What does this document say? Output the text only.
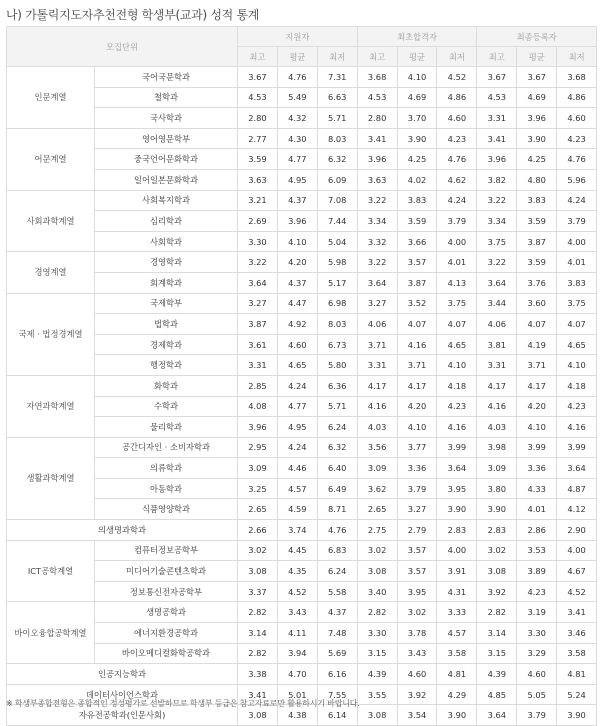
나) 가톨릭지도자추천전형 학생부(교과) 성적 통계
모집단위		지원자			최초합격자			최종등록자		
		최고	평균	최저	최고	평균	최저	최고	평균	최저
인문계열	국어국문학과	3.67	4.76	7.31	3.68	4.10	4.52	3.67	3.67	3.68
	철학과	4.53	5.49	6.63	4.53	4.69	4.86	4.53	4.69	4.86
	국사학과	2.80	4.32	5.71	2.80	3.70	4.60	3.31	3.96	4.60
어문계열	영어영문학부	2.77	4.30	8.03	3.41	3.90	4.23	3.41	3.90	4.23
	중국언어문화학과	3.59	4.77	6.32	3.96	4.25	4.76	3.96	4.25	4.76
	일어일본문화학과	3.63	4.95	6.09	3.63	4.02	4.62	3.82	4.80	5.96
사회과학계열	사회복지학과	3.21	4.37	7.08	3.22	3.83	4.24	3.22	3.83	4.24
	심리학과	2.69	3.96	7.44	3.34	3.59	3.79	3.34	3.59	3.79
	사회학과	3.30	4.10	5.04	3.32	3.66	4.00	3.75	3.87	4.00
경영계열	경영학과	3.22	4.20	5.98	3.22	3.57	4.01	3.22	3.59	4.01
	회계학과	3.64	4.37	5.17	3.64	3.87	4.13	3.64	3.76	3.83
국제 · 법정경계열	국제학부	3.27	4.47	6.98	3.27	3.52	3.75	3.44	3.60	3.75
	법학과	3.87	4.92	8.03	4.06	4.07	4.07	4.06	4.07	4.07
	경제학과	3.61	4.60	6.73	3.71	4.16	4.65	3.81	4.19	4.65
	행정학과	3.31	4.65	5.80	3.31	3.71	4.10	3.31	3.71	4.10
자연과학계열	화학과	2.85	4.24	6.36	4.17	4.17	4.18	4.17	4.17	4.18
	수학과	4.08	4.77	5.71	4.16	4.20	4.23	4.16	4.20	4.23
	물리학과	3.96	4.95	6.24	4.03	4.10	4.16	4.03	4.10	4.16
생활과학계열	공간디자인 · 소비자학과	2.95	4.24	6.32	3.56	3.77	3.99	3.98	3.99	3.99
	의류학과	3.09	4.46	6.40	3.09	3.36	3.64	3.09	3.36	3.64
	아동학과	3.25	4.57	6.49	3.62	3.79	3.95	3.80	4.33	4.87
	식품영양학과	2.65	4.59	8.71	2.65	3.27	3.90	3.90	4.01	4.12
의생명과학과		2.66	3.74	4.76	2.75	2.79	2.83	2.83	2.86	2.90
ICT공학계열	컴퓨터정보공학부	3.02	4.45	6.83	3.02	3.57	4.00	3.02	3.53	4.00
	미디어기술콘텐츠학과	3.08	4.35	6.24	3.08	3.57	3.91	3.08	3.89	4.67
	정보통신전자공학부	3.37	4.52	5.58	3.40	3.95	4.31	3.92	4.23	4.52
바이오융합공학계열	생명공학과	2.82	3.43	4.37	2.82	3.02	3.33	2.82	3.19	3.41
	에너지환경공학과	3.14	4.11	7.48	3.30	3.78	4.57	3.14	3.30	3.46
	바이오메디컬화학공학과	2.82	3.94	5.69	3.15	3.43	3.58	3.15	3.29	3.58
인공지능학과		3.38	4.70	6.16	4.39	4.60	4.81	4.39	4.60	4.81
데이터사이언스학과		3.41	5.01	7.55	3.55	3.92	4.29	4.85	5.05	5.24
자유전공학과(인문사회)		3.08	4.38	6.14	3.08	3.54	3.90	3.64	3.79	3.90
※ 학생부종합전형은 종합적인 정성평가로 선발하므로 학생부 등급은 참고자료로만 활용하시기 바랍니다.
